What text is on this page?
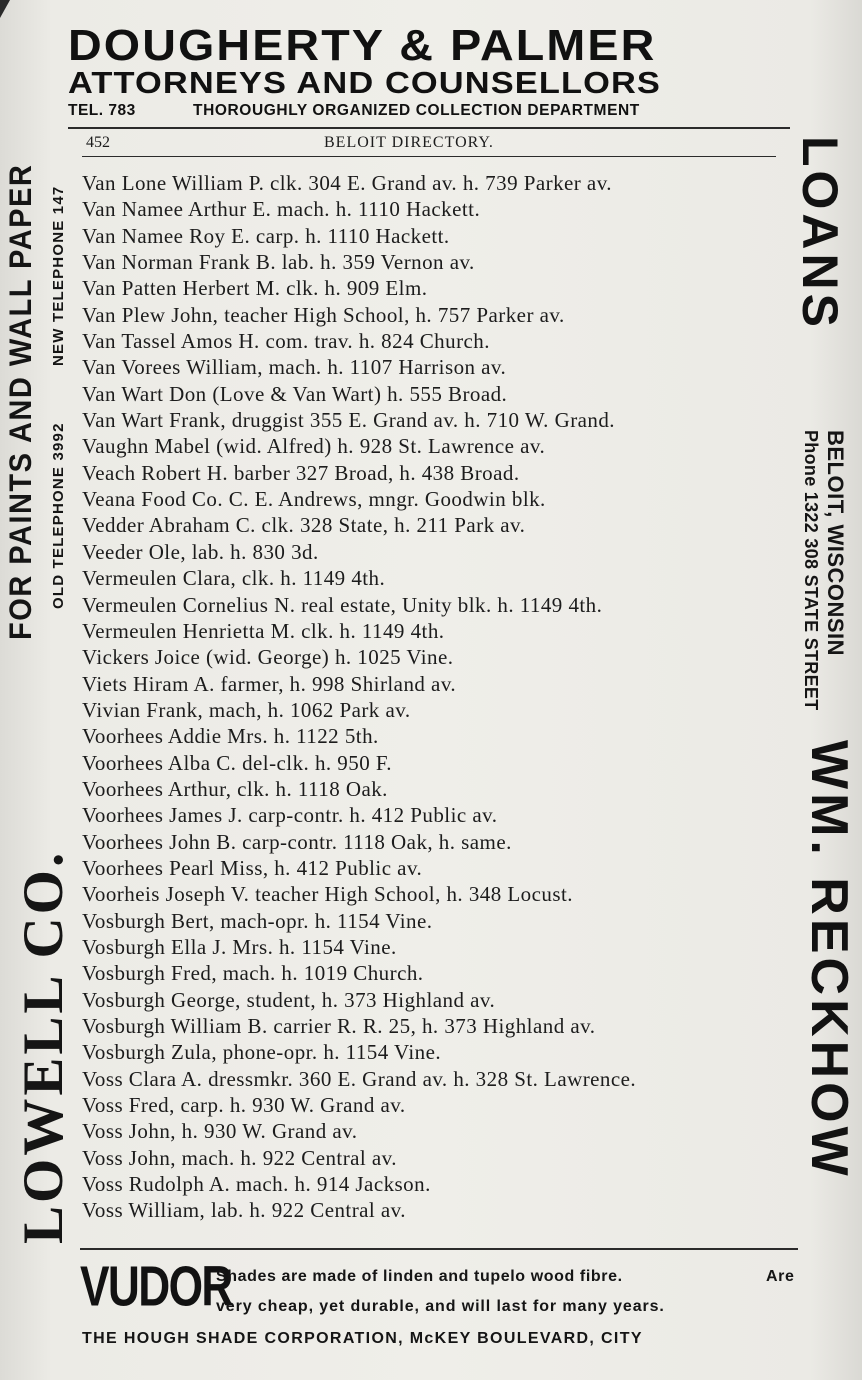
DOUGHERTY & PALMER
ATTORNEYS AND COUNSELLORS
TEL. 783	THOROUGHLY ORGANIZED COLLECTION DEPARTMENT
452	BELOIT DIRECTORY.
Van Lone William P. clk. 304 E. Grand av. h. 739 Parker av.
Van Namee Arthur E. mach. h. 1110 Hackett.
Van Namee Roy E. carp. h. 1110 Hackett.
Van Norman Frank B. lab. h. 359 Vernon av.
Van Patten Herbert M. clk. h. 909 Elm.
Van Plew John, teacher High School, h. 757 Parker av.
Van Tassel Amos H. com. trav. h. 824 Church.
Van Vorees William, mach. h. 1107 Harrison av.
Van Wart Don (Love & Van Wart) h. 555 Broad.
Van Wart Frank, druggist 355 E. Grand av. h. 710 W. Grand.
Vaughn Mabel (wid. Alfred) h. 928 St. Lawrence av.
Veach Robert H. barber 327 Broad, h. 438 Broad.
Veana Food Co. C. E. Andrews, mngr. Goodwin blk.
Vedder Abraham C. clk. 328 State, h. 211 Park av.
Veeder Ole, lab. h. 830 3d.
Vermeulen Clara, clk. h. 1149 4th.
Vermeulen Cornelius N. real estate, Unity blk. h. 1149 4th.
Vermeulen Henrietta M. clk. h. 1149 4th.
Vickers Joice (wid. George) h. 1025 Vine.
Viets Hiram A. farmer, h. 998 Shirland av.
Vivian Frank, mach, h. 1062 Park av.
Voorhees Addie Mrs. h. 1122 5th.
Voorhees Alba C. del-clk. h. 950 F.
Voorhees Arthur, clk. h. 1118 Oak.
Voorhees James J. carp-contr. h. 412 Public av.
Voorhees John B. carp-contr. 1118 Oak, h. same.
Voorhees Pearl Miss, h. 412 Public av.
Voorheis Joseph V. teacher High School, h. 348 Locust.
Vosburgh Bert, mach-opr. h. 1154 Vine.
Vosburgh Ella J. Mrs. h. 1154 Vine.
Vosburgh Fred, mach. h. 1019 Church.
Vosburgh George, student, h. 373 Highland av.
Vosburgh William B. carrier R. R. 25, h. 373 Highland av.
Vosburgh Zula, phone-opr. h. 1154 Vine.
Voss Clara A. dressmkr. 360 E. Grand av. h. 328 St. Lawrence.
Voss Fred, carp. h. 930 W. Grand av.
Voss John, h. 930 W. Grand av.
Voss John, mach. h. 922 Central av.
Voss Rudolph A. mach. h. 914 Jackson.
Voss William, lab. h. 922 Central av.
LOWELL CO.
FOR PAINTS AND WALL PAPER OLD TELEPHONE 3992
NEW TELEPHONE 147	LOANS
BELOIT, WISCONSIN
Phone 1322 308 STATE STREET
WM. RECKHOW
VUDOR
Shades are made of linden and tupelo wood fibre.	Are
very cheap, yet durable, and will last for many years.
THE HOUGH SHADE CORPORATION, McKEY BOULEVARD, CITY
